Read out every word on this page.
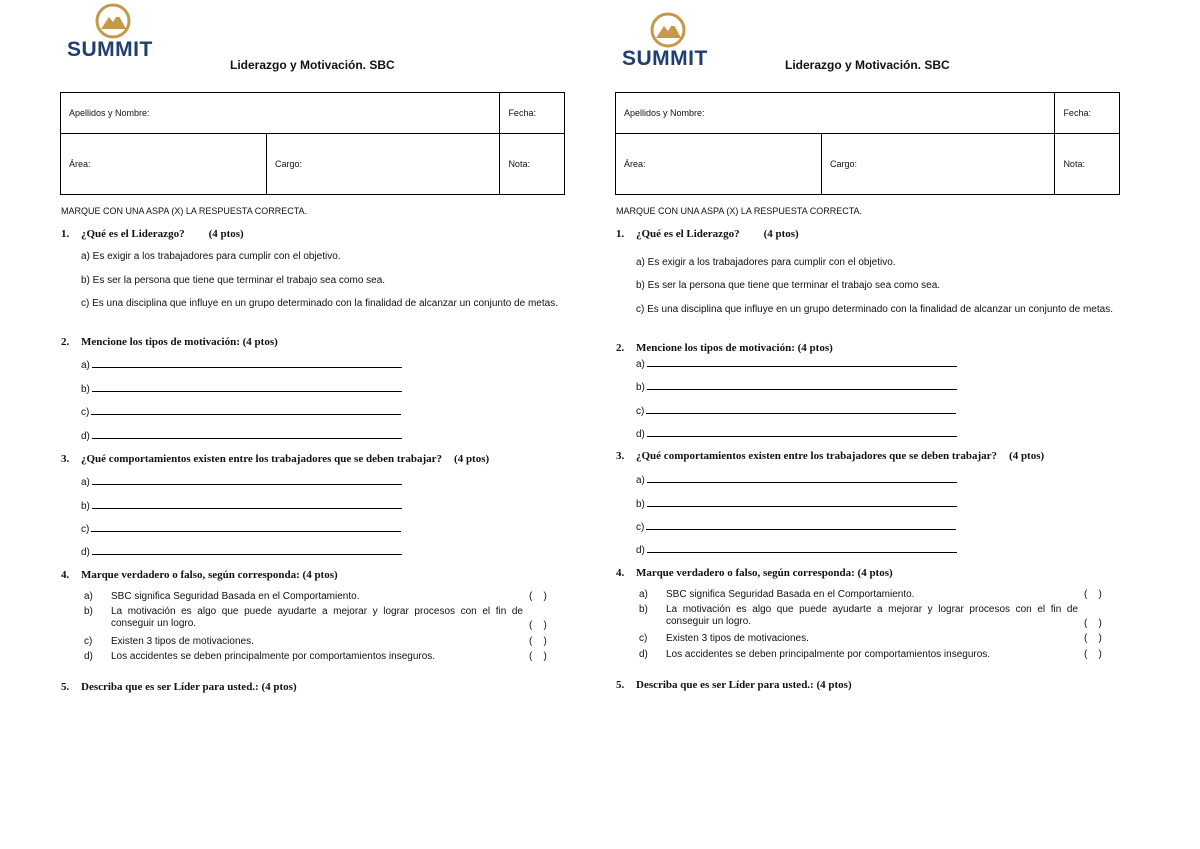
SUMMIT
Liderazgo y Motivación. SBC
Apellidos y Nombre:		Fecha:
Área:	Cargo:	Nota:
MARQUE CON UNA ASPA (X) LA RESPUESTA CORRECTA.
1. ¿Qué es el Liderazgo? (4 ptos)
a) Es exigir a los trabajadores para cumplir con el objetivo.
b) Es ser la persona que tiene que terminar el trabajo sea como sea.
c) Es una disciplina que influye en un grupo determinado con la finalidad de alcanzar un conjunto de metas.
2. Mencione los tipos de motivación: (4 ptos)
a)
b)
c)
d)
3. ¿Qué comportamientos existen entre los trabajadores que se deben trabajar? (4 ptos)
a)
b)
c)
d)
4. Marque verdadero o falso, según corresponda: (4 ptos)
a) SBC significa Seguridad Basada en el Comportamiento.	(    )
b) La motivación es algo que puede ayudarte a mejorar y lograr procesos con el fin de conseguir un logro.	(    )
c) Existen 3 tipos de motivaciones.	(    )
d) Los accidentes se deben principalmente por comportamientos inseguros.	(    )
5. Describa que es ser Líder para usted.: (4 ptos)
SUMMIT	Liderazgo y Motivación. SBC
Apellidos y Nombre:		Fecha:
Área:	Cargo:	Nota:
MARQUE CON UNA ASPA (X) LA RESPUESTA CORRECTA.
1. ¿Qué es el Liderazgo? (4 ptos)
a) Es exigir a los trabajadores para cumplir con el objetivo.
b) Es ser la persona que tiene que terminar el trabajo sea como sea.
c) Es una disciplina que influye en un grupo determinado con la finalidad de alcanzar un conjunto de metas.
2. Mencione los tipos de motivación: (4 ptos)
a)
b)
c)
d)
3. ¿Qué comportamientos existen entre los trabajadores que se deben trabajar? (4 ptos)
a)
b)
c)
d)
4. Marque verdadero o falso, según corresponda: (4 ptos)
a) SBC significa Seguridad Basada en el Comportamiento.	(    )
b) La motivación es algo que puede ayudarte a mejorar y lograr procesos con el fin de conseguir un logro.	(    )
c) Existen 3 tipos de motivaciones.	(    )
d) Los accidentes se deben principalmente por comportamientos inseguros.	(    )
5. Describa que es ser Líder para usted.: (4 ptos)
